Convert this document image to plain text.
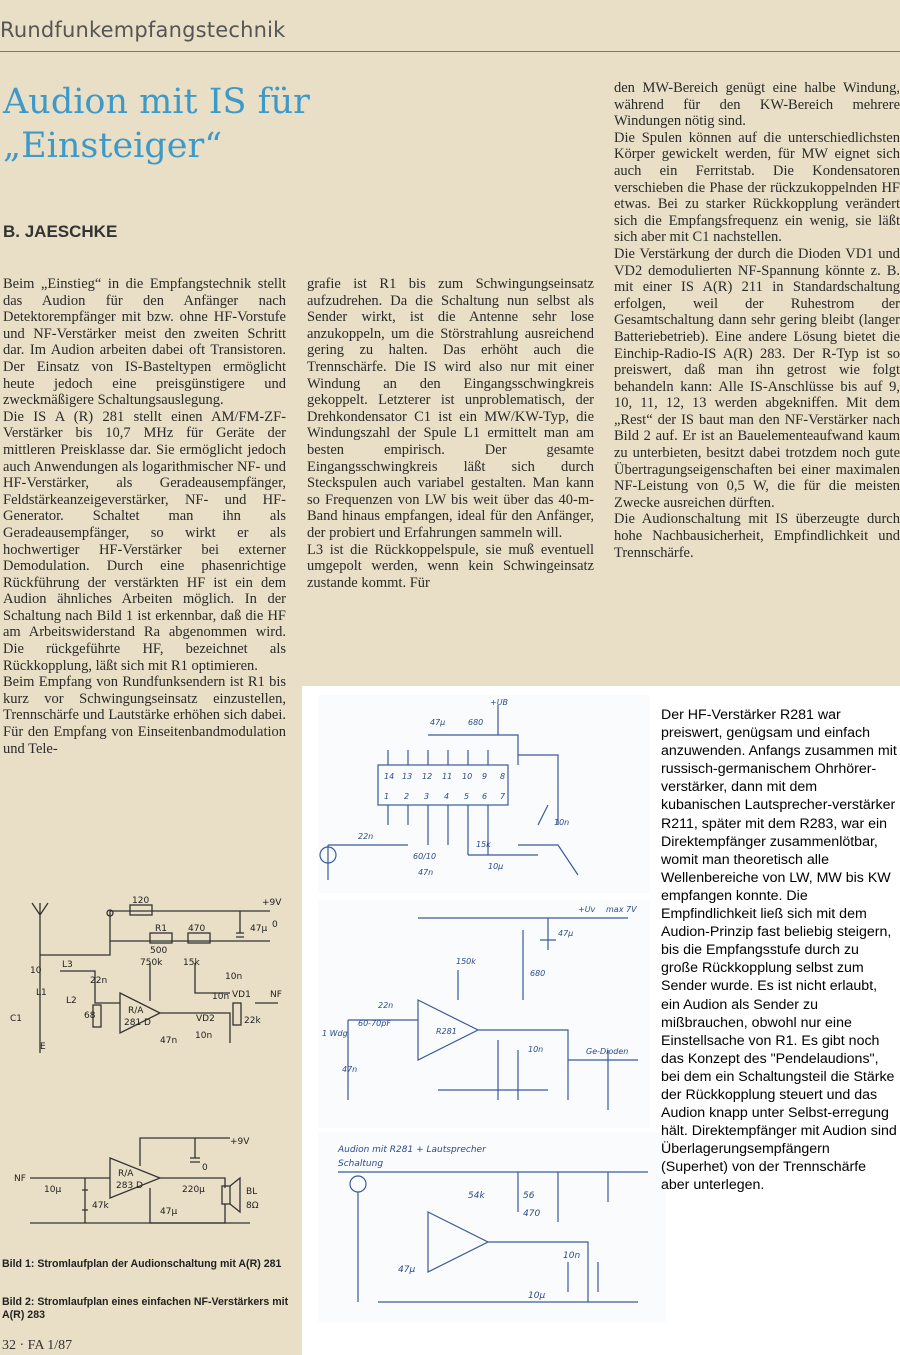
Rundfunkempfangstechnik
Audion mit IS für „Einsteiger“
B. JAESCHKE

Beim „Einstieg“ in die Empfangstechnik stellt das Audion für den Anfänger nach Detektorempfänger mit bzw. ohne HF-Vorstufe und NF-Verstärker meist den zweiten Schritt dar. Im Audion arbeiten dabei oft Transistoren. Der Einsatz von IS-Basteltypen ermöglicht heute jedoch eine preisgünstigere und zweckmäßigere Schaltungsauslegung.

Die IS A (R) 281 stellt einen AM/FM-ZF-Verstärker bis 10,7 MHz für Geräte der mittleren Preisklasse dar. Sie ermöglicht jedoch auch Anwendungen als logarithmischer NF- und HF-Verstärker, als Geradeausempfänger, Feldstärkeanzeigeverstärker, NF- und HF-Generator. Schaltet man ihn als Geradeausempfänger, so wirkt er als hochwertiger HF-Verstärker bei externer Demodulation. Durch eine phasenrichtige Rückführung der verstärkten HF ist ein dem Audion ähnliches Arbeiten möglich. In der Schaltung nach Bild 1 ist erkennbar, daß die HF am Arbeitswiderstand Ra abgenommen wird. Die rückgeführte HF, bezeichnet als Rückkopplung, läßt sich mit R1 optimieren.

Beim Empfang von Rundfunksendern ist R1 bis kurz vor Schwingungseinsatz einzustellen, Trennschärfe und Lautstärke erhöhen sich dabei. Für den Empfang von Einseitenbandmodulation und Tele-

grafie ist R1 bis zum Schwingungseinsatz aufzudrehen. Da die Schaltung nun selbst als Sender wirkt, ist die Antenne sehr lose anzukoppeln, um die Störstrahlung ausreichend gering zu halten. Das erhöht auch die Trennschärfe. Die IS wird also nur mit einer Windung an den Eingangsschwingkreis gekoppelt. Letzterer ist unproblematisch, der Drehkondensator C1 ist ein MW/KW-Typ, die Windungszahl der Spule L1 ermittelt man am besten empirisch. Der gesamte Eingangsschwingkreis läßt sich durch Steckspulen auch variabel gestalten. Man kann so Frequenzen von LW bis weit über das 40-m-Band hinaus empfangen, ideal für den Anfänger, der probiert und Erfahrungen sammeln will.

L3 ist die Rückkoppelspule, sie muß eventuell umgepolt werden, wenn kein Schwingeinsatz zustande kommt. Für

den MW-Bereich genügt eine halbe Windung, während für den KW-Bereich mehrere Windungen nötig sind.

Die Spulen können auf die unterschiedlichsten Körper gewickelt werden, für MW eignet sich auch ein Ferritstab. Die Kondensatoren verschieben die Phase der rückzukoppelnden HF etwas. Bei zu starker Rückkopplung verändert sich die Empfangsfrequenz ein wenig, sie läßt sich aber mit C1 nachstellen.

Die Verstärkung der durch die Dioden VD1 und VD2 demodulierten NF-Spannung könnte z. B. mit einer IS A(R) 211 in Standardschaltung erfolgen, weil der Ruhestrom der Gesamtschaltung dann sehr gering bleibt (langer Batteriebetrieb). Eine andere Lösung bietet die Einchip-Radio-IS A(R) 283. Der R-Typ ist so preiswert, daß man ihn getrost wie folgt behandeln kann: Alle IS-Anschlüsse bis auf 9, 10, 11, 12, 13 werden abgekniffen. Mit dem „Rest“ der IS baut man den NF-Verstärker nach Bild 2 auf. Er ist an Bauelementeaufwand kaum zu unterbieten, besitzt dabei trotzdem noch gute Übertragungseigenschaften bei einer maximalen NF-Leistung von 0,5 W, die für die meisten Zwecke ausreichen dürften.

Die Audionschaltung mit IS überzeugte durch hohe Nachbausicherheit, Empfindlichkeit und Trennschärfe.

+9V
0
R/A
281 D
120
R1 470
500
750k 15k
10n
22n
68
L1
L2
L3
C1
10
47µ
47n 10n
10n VD1
VD2	22k
NF
E
+9V
0
NF	R/A
283 D
10µ
47k
47µ
220µ	BL
8Ω
Bild 1: Stromlaufplan der Audionschaltung mit A(R) 281
Bild 2: Stromlaufplan eines einfachen NF-Verstärkers mit A(R) 283
32 · FA 1/87
+UB
47µ	680
14 13 12 11 10 9 8
1 2 3 4 5 6 7
22n
60/10
47n
10n
10µ
15k
+Uv max 7V
47µ
150k
680
22n
60-70pF
R281
1 Wdg
47n
10n	Ge-Dioden
Audion mit R281 + Lautsprecher
Schaltung
56
470
54k
47µ
10n
10µ
Der HF-Verstärker R281 war preiswert, genügsam und einfach anzuwenden. Anfangs zusammen mit russisch-germanischem Ohrhörer-verstärker, dann mit dem kubanischen Lautsprecher-verstärker R211, später mit dem R283, war ein Direktempfänger zusammenlötbar, womit man theoretisch alle Wellenbereiche von LW, MW bis KW empfangen konnte. Die Empfindlichkeit ließ sich mit dem Audion-Prinzip fast beliebig steigern, bis die Empfangsstufe durch zu große Rückkopplung selbst zum Sender wurde. Es ist nicht erlaubt, ein Audion als Sender zu mißbrauchen, obwohl nur eine Einstellsache von R1. Es gibt noch das Konzept des "Pendelaudions", bei dem ein Schaltungsteil die Stärke der Rückkopplung steuert und das Audion knapp unter Selbst-erregung hält. Direktempfänger mit Audion sind Überlagerungsempfängern (Superhet) von der Trennschärfe aber unterlegen.
